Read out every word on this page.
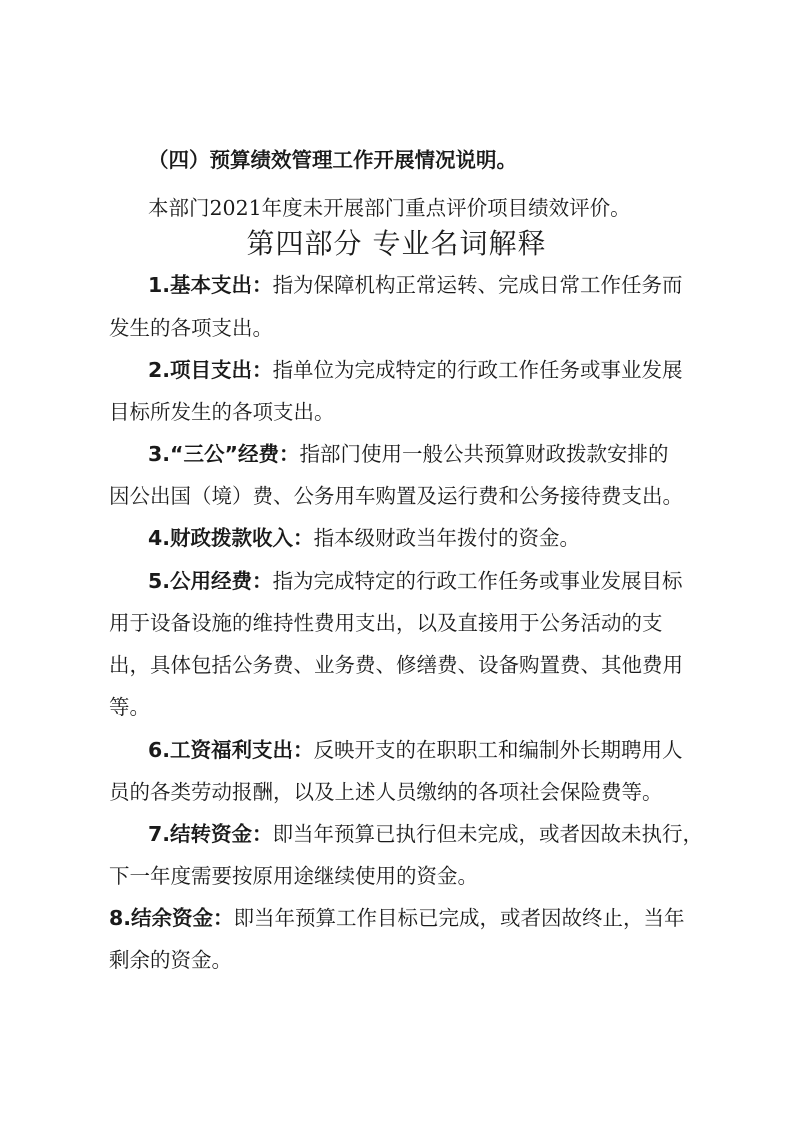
（四）预算绩效管理工作开展情况说明。
本部门2021年度未开展部门重点评价项目绩效评价。
第四部分 专业名词解释
1.基本支出：指为保障机构正常运转、完成日常工作任务而
发生的各项支出。
2.项目支出：指单位为完成特定的行政工作任务或事业发展
目标所发生的各项支出。
3.“三公”经费：指部门使用一般公共预算财政拨款安排的
因公出国（境）费、公务用车购置及运行费和公务接待费支出。
4.财政拨款收入：指本级财政当年拨付的资金。
5.公用经费：指为完成特定的行政工作任务或事业发展目标
用于设备设施的维持性费用支出，以及直接用于公务活动的支
出，具体包括公务费、业务费、修缮费、设备购置费、其他费用
等。
6.工资福利支出：反映开支的在职职工和编制外长期聘用人
员的各类劳动报酬，以及上述人员缴纳的各项社会保险费等。
7.结转资金：即当年预算已执行但未完成，或者因故未执行，
下一年度需要按原用途继续使用的资金。
8.结余资金：即当年预算工作目标已完成，或者因故终止，当年
剩余的资金。
